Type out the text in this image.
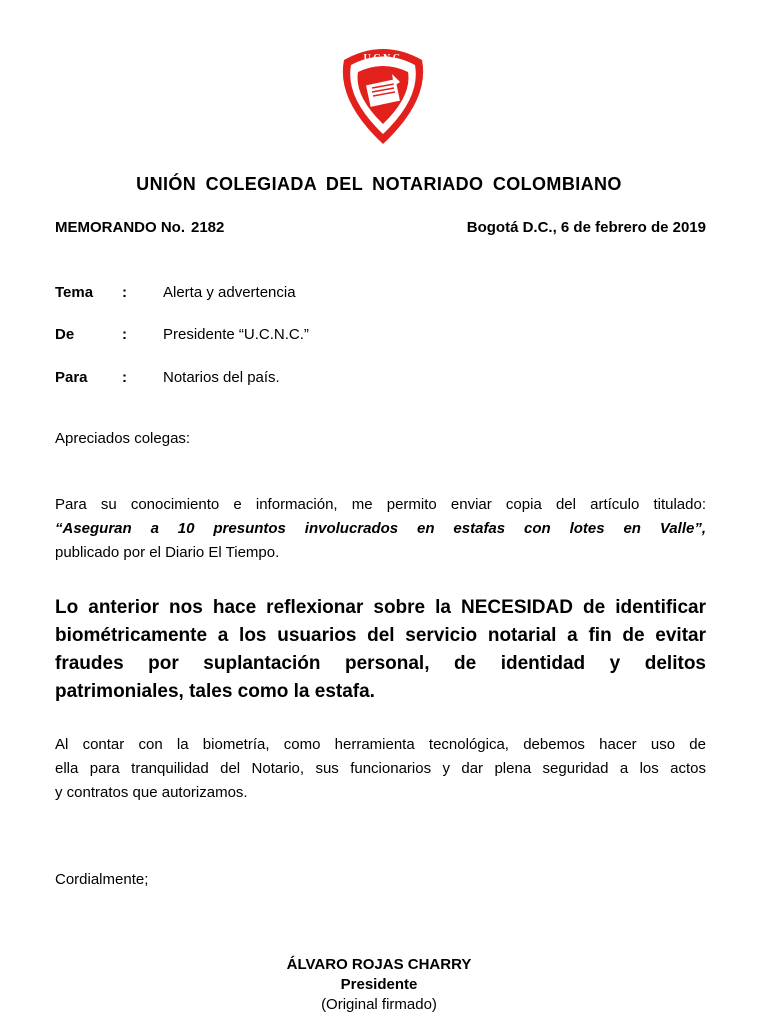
U.C.N.C.
UNIÓN COLEGIADA DEL NOTARIADO COLOMBIANO
MEMORANDO No. 2182	Bogotá D.C., 6 de febrero de 2019
Tema : Alerta y advertencia
De	: Presidente “U.C.N.C.”
Para : Notarios del país.
Apreciados colegas:
Para su conocimiento e información, me permito enviar copia del artículo titulado:
“Aseguran a 10 presuntos involucrados en estafas con lotes en Valle”,
publicado por el Diario El Tiempo.
Lo anterior nos hace reflexionar sobre la NECESIDAD de identificar
biométricamente a los usuarios del servicio notarial a fin de evitar
fraudes por suplantación personal, de identidad y delitos
patrimoniales, tales como la estafa.
Al contar con la biometría, como herramienta tecnológica, debemos hacer uso de
ella para tranquilidad del Notario, sus funcionarios y dar plena seguridad a los actos
y contratos que autorizamos.
Cordialmente;
ÁLVARO ROJAS CHARRY
Presidente
(Original firmado)
